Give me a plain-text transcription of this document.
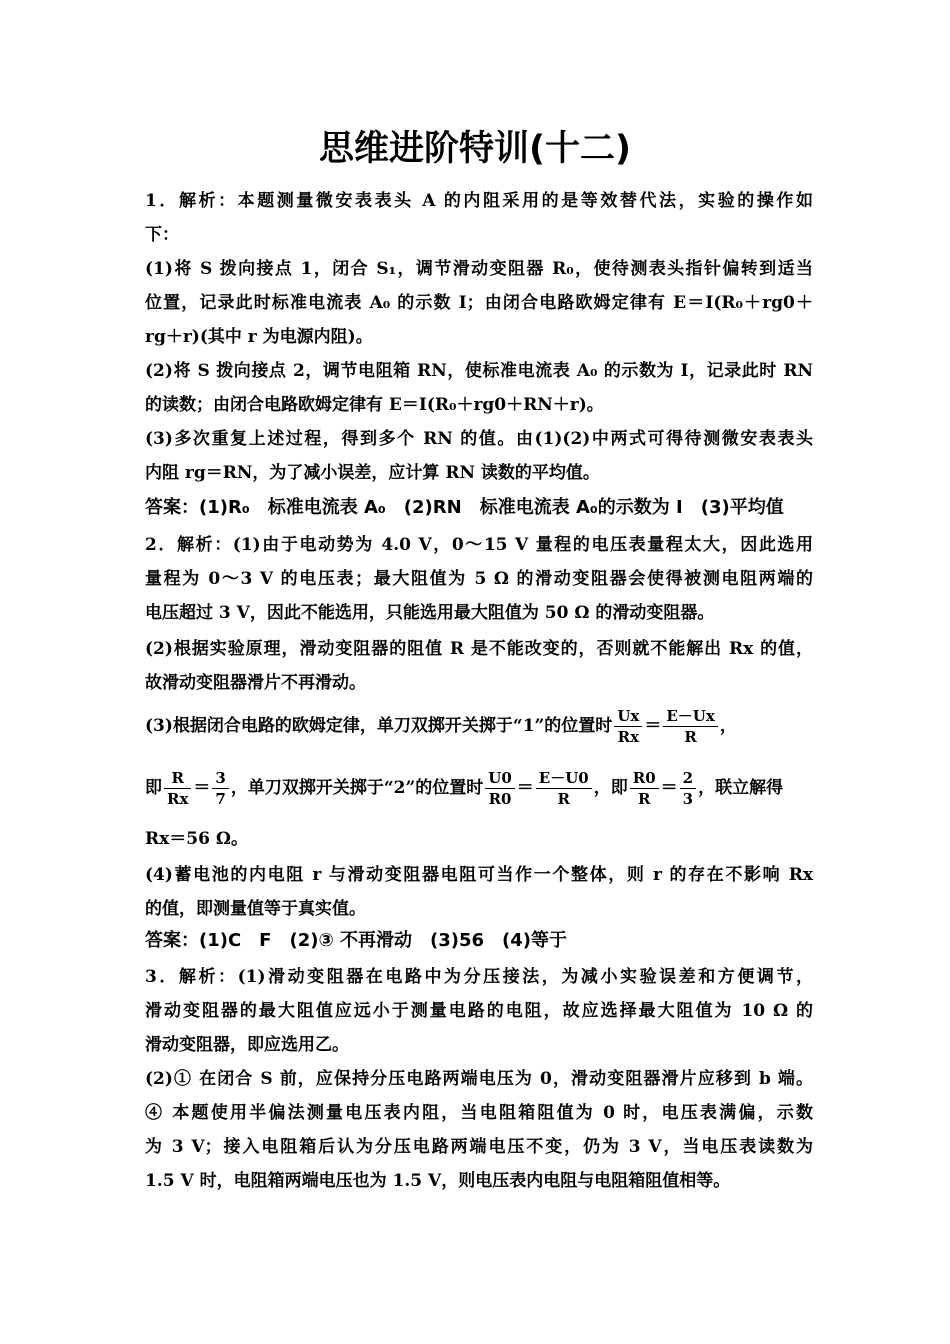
思维进阶特训(十二)
1．解析：本题测量微安表表头 A 的内阻采用的是等效替代法，实验的操作如
下：
(1)将 S 拨向接点 1，闭合 S₁，调节滑动变阻器 R₀，使待测表头指针偏转到适当
位置，记录此时标准电流表 A₀ 的示数 I；由闭合电路欧姆定律有 E＝I(R₀＋rg0＋
rg＋r)(其中 r 为电源内阻)。
(2)将 S 拨向接点 2，调节电阻箱 RN，使标准电流表 A₀ 的示数为 I，记录此时 RN
的读数；由闭合电路欧姆定律有 E＝I(R₀＋rg0＋RN＋r)。
(3)多次重复上述过程，得到多个 RN 的值。由(1)(2)中两式可得待测微安表表头
内阻 rg＝RN，为了减小误差，应计算 RN 读数的平均值。
答案：(1)R₀　标准电流表 A₀　(2)RN　标准电流表 A₀的示数为 I　(3)平均值
2．解析：(1)由于电动势为 4.0 V，0～15 V 量程的电压表量程太大，因此选用
量程为 0～3 V 的电压表；最大阻值为 5 Ω 的滑动变阻器会使得被测电阻两端的
电压超过 3 V，因此不能选用，只能选用最大阻值为 50 Ω 的滑动变阻器。
(2)根据实验原理，滑动变阻器的阻值 R 是不能改变的，否则就不能解出 Rx 的值，
故滑动变阻器滑片不再滑动。
(3)根据闭合电路的欧姆定律，单刀双掷开关掷于“1”的位置时 $\frac{Ux}{Rx} = \frac{E-Ux}{R}$ ，
即 $\frac{R}{Rx} = \frac{3}{7}$ ，单刀双掷开关掷于“2”的位置时 $\frac{U0}{R0} = \frac{E-U0}{R}$ ，即 $\frac{R0}{R} = \frac{2}{3}$ ，联立解得
Rx＝56 Ω。
(4)蓄电池的内电阻 r 与滑动变阻器电阻可当作一个整体，则 r 的存在不影响 Rx
的值，即测量值等于真实值。
答案：(1)C　F　(2)③ 不再滑动　(3)56　(4)等于
3．解析：(1)滑动变阻器在电路中为分压接法，为减小实验误差和方便调节，
滑动变阻器的最大阻值应远小于测量电路的电阻，故应选择最大阻值为 10 Ω 的
滑动变阻器，即应选用乙。
(2)① 在闭合 S 前，应保持分压电路两端电压为 0，滑动变阻器滑片应移到 b 端。
④ 本题使用半偏法测量电压表内阻，当电阻箱阻值为 0 时，电压表满偏，示数
为 3 V；接入电阻箱后认为分压电路两端电压不变，仍为 3 V，当电压表读数为
1.5 V 时，电阻箱两端电压也为 1.5 V，则电压表内电阻与电阻箱阻值相等。
